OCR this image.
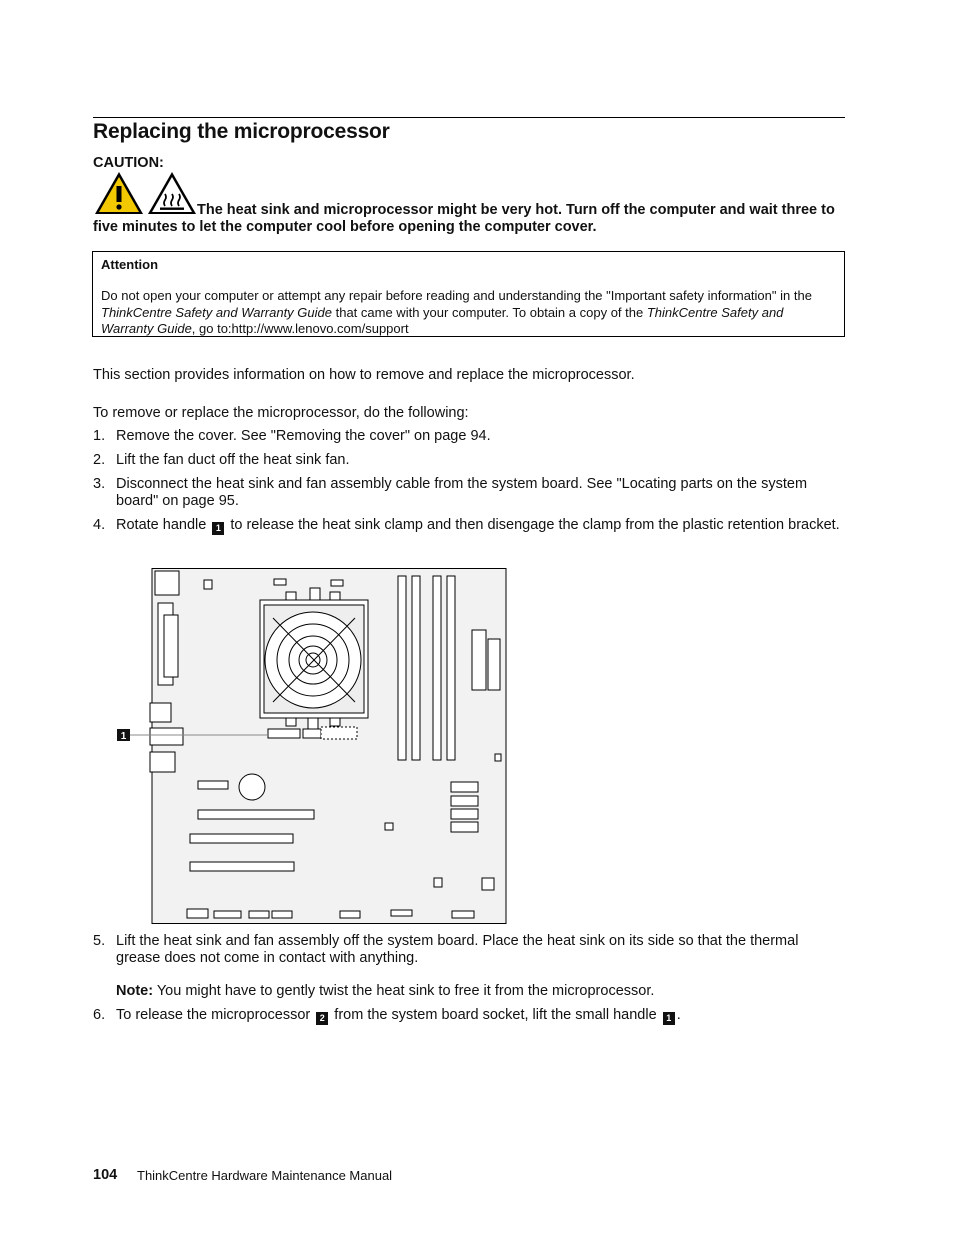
Replacing the microprocessor
CAUTION:
The heat sink and microprocessor might be very hot. Turn off the computer and wait three to five minutes to let the computer cool before opening the computer cover.
Attention
Do not open your computer or attempt any repair before reading and understanding the "Important safety information" in the ThinkCentre Safety and Warranty Guide that came with your computer. To obtain a copy of the ThinkCentre Safety and Warranty Guide, go to:http://www.lenovo.com/support
This section provides information on how to remove and replace the microprocessor.
To remove or replace the microprocessor, do the following:
1. Remove the cover. See "Removing the cover" on page 94.
2. Lift the fan duct off the heat sink fan.
3. Disconnect the heat sink and fan assembly cable from the system board. See "Locating parts on the system board" on page 95.
4. Rotate handle 1 to release the heat sink clamp and then disengage the clamp from the plastic retention bracket.
5. Lift the heat sink and fan assembly off the system board. Place the heat sink on its side so that the thermal grease does not come in contact with anything.
Note: You might have to gently twist the heat sink to free it from the microprocessor.
6. To release the microprocessor 2 from the system board socket, lift the small handle 1 .
1
104 ThinkCentre Hardware Maintenance Manual
